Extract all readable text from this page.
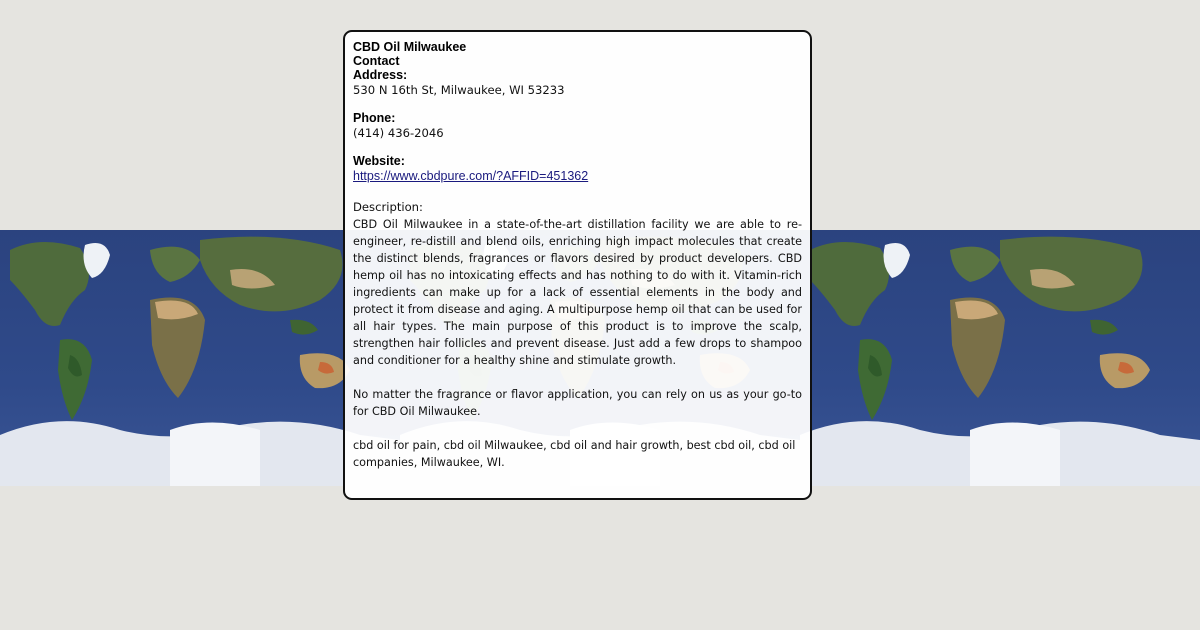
CBD Oil Milwaukee
Contact
Address:
530 N 16th St, Milwaukee, WI 53233
Phone:
(414) 436-2046
Website:
https://www.cbdpure.com/?AFFID=451362
Description:

CBD Oil Milwaukee in a state-of-the-art distillation facility we are able to re-engineer, re-distill and blend oils, enriching high impact molecules that create the distinct blends, fragrances or flavors desired by product developers. CBD hemp oil has no intoxicating effects and has nothing to do with it. Vitamin-rich ingredients can make up for a lack of essential elements in the body and protect it from disease and aging. A multipurpose hemp oil that can be used for all hair types. The main purpose of this product is to improve the scalp, strengthen hair follicles and prevent disease. Just add a few drops to shampoo and conditioner for a healthy shine and stimulate growth.

No matter the fragrance or flavor application, you can rely on us as your go-to for CBD Oil Milwaukee.

cbd oil for pain, cbd oil Milwaukee, cbd oil and hair growth, best cbd oil, cbd oil companies, Milwaukee, WI.
